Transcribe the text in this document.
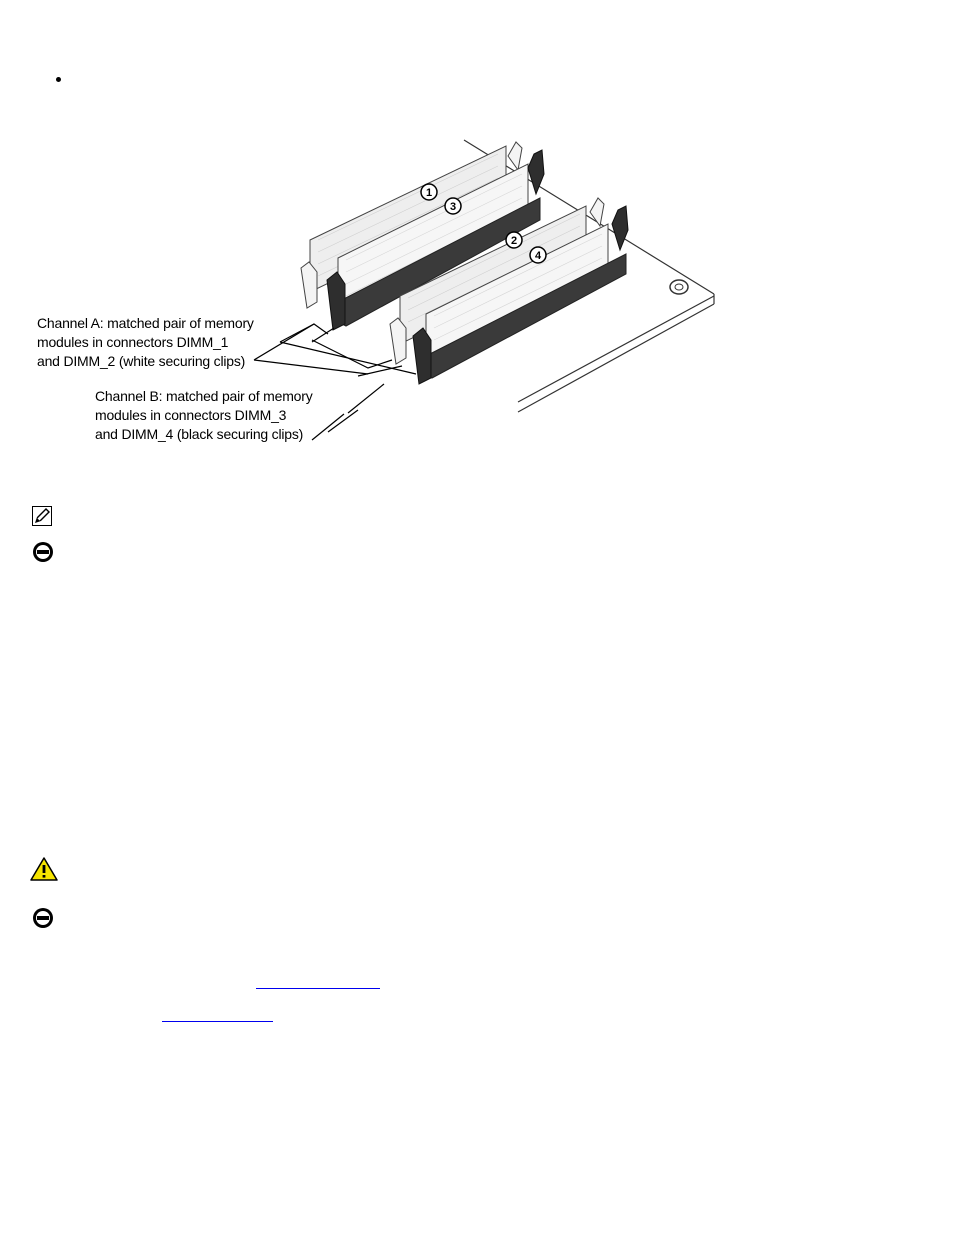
1
3
2
4
Channel A: matched pair of memory
modules in connectors DIMM_1
and DIMM_2 (white securing clips)
Channel B: matched pair of memory
modules in connectors DIMM_3
and DIMM_4 (black securing clips)
